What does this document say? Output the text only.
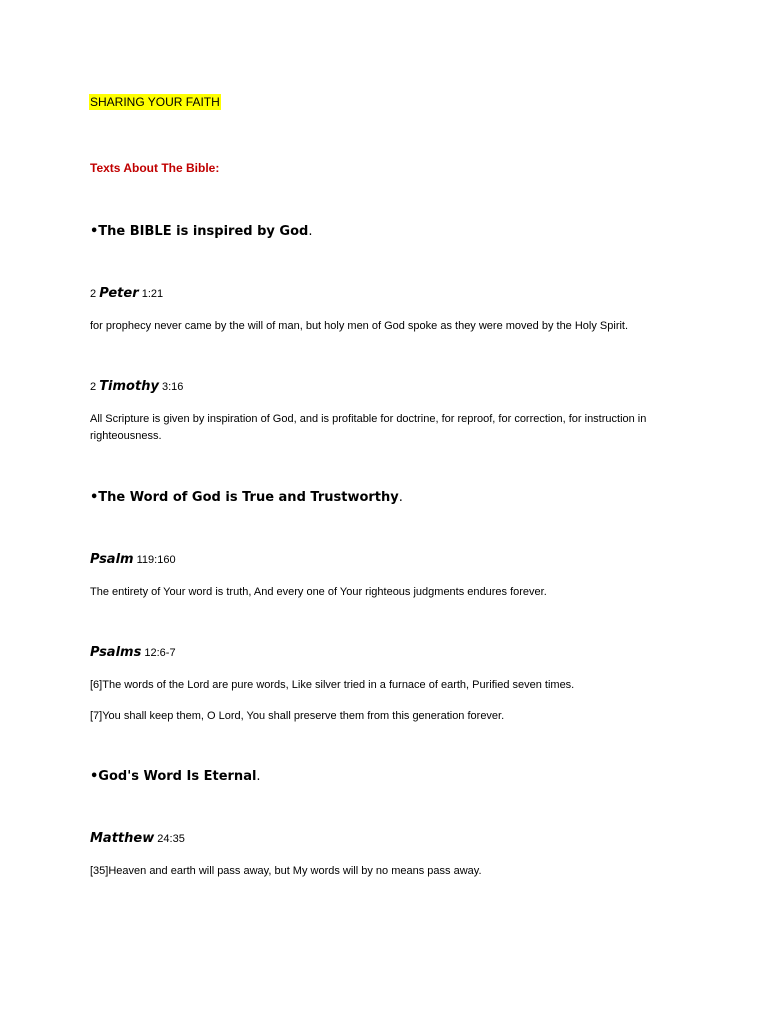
SHARING YOUR FAITH
Texts About The Bible:
•The BIBLE is inspired by God.
2 Peter 1:21
for prophecy never came by the will of man, but holy men of God spoke as they were moved by the Holy Spirit.
2 Timothy 3:16
All Scripture is given by inspiration of God, and is profitable for doctrine, for reproof, for correction, for instruction in righteousness.
•The Word of God is True and Trustworthy.
Psalm 119:160
The entirety of Your word is truth, And every one of Your righteous judgments endures forever.
Psalms 12:6-7
[6]The words of the Lord are pure words, Like silver tried in a furnace of earth, Purified seven times.
[7]You shall keep them, O Lord, You shall preserve them from this generation forever.
•God's Word Is Eternal.
Matthew 24:35
[35]Heaven and earth will pass away, but My words will by no means pass away.
